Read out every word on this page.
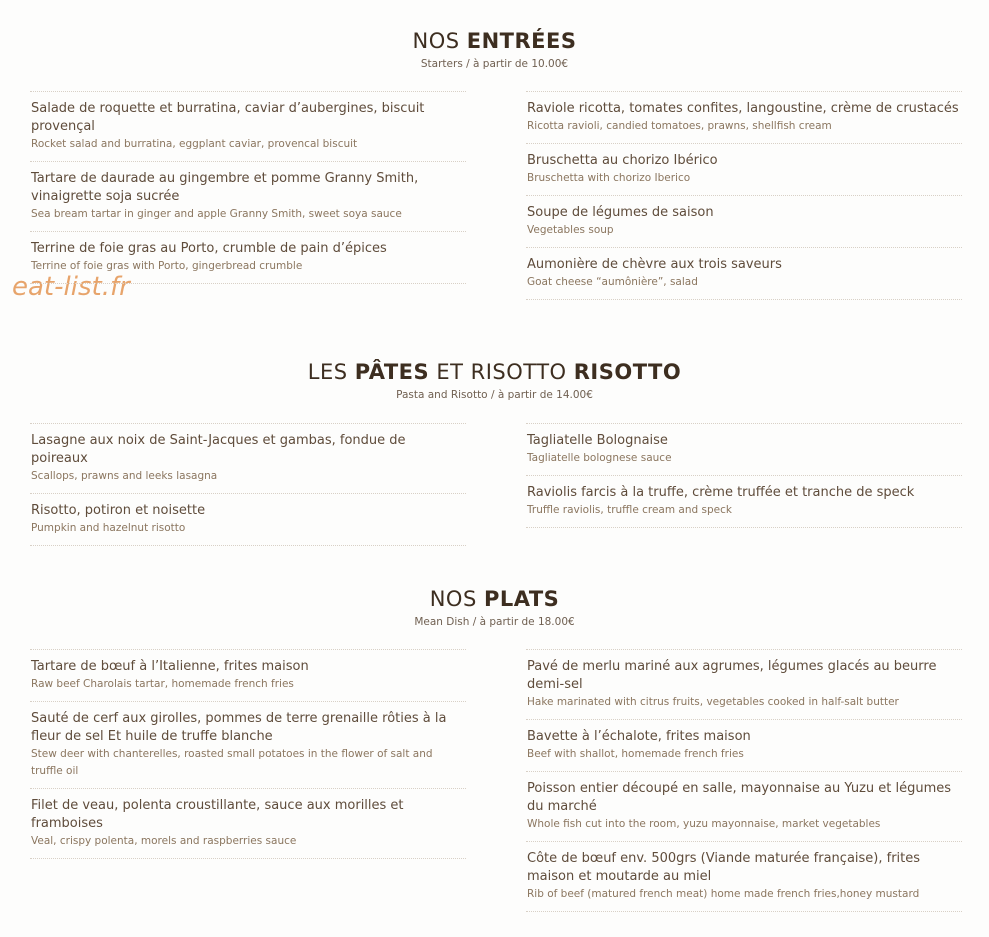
eat-list.fr
NOS ENTRÉES
Starters / à partir de 10.00€
Salade de roquette et burratina, caviar d’aubergines, biscuit provençal
Rocket salad and burratina, eggplant caviar, provencal biscuit
Tartare de daurade au gingembre et pomme Granny Smith, vinaigrette soja sucrée
Sea bream tartar in ginger and apple Granny Smith, sweet soya sauce
Terrine de foie gras au Porto, crumble de pain d’épices
Terrine of foie gras with Porto, gingerbread crumble
Raviole ricotta, tomates confites, langoustine, crème de crustacés
Ricotta ravioli, candied tomatoes, prawns, shellfish cream
Bruschetta au chorizo Ibérico
Bruschetta with chorizo Iberico
Soupe de légumes de saison
Vegetables soup
Aumonière de chèvre aux trois saveurs
Goat cheese “aumônière”, salad
LES PÂTES ET RISOTTO RISOTTO
Pasta and Risotto / à partir de 14.00€
Lasagne aux noix de Saint-Jacques et gambas, fondue de poireaux
Scallops, prawns and leeks lasagna
Risotto, potiron et noisette
Pumpkin and hazelnut risotto
Tagliatelle Bolognaise
Tagliatelle bolognese sauce
Raviolis farcis à la truffe, crème truffée et tranche de speck
Truffle raviolis, truffle cream and speck
NOS PLATS
Mean Dish / à partir de 18.00€
Tartare de bœuf à l’Italienne, frites maison
Raw beef Charolais tartar, homemade french fries
Sauté de cerf aux girolles, pommes de terre grenaille rôties à la fleur de sel Et huile de truffe blanche
Stew deer with chanterelles, roasted small potatoes in the flower of salt and truffle oil
Filet de veau, polenta croustillante, sauce aux morilles et framboises
Veal, crispy polenta, morels and raspberries sauce
Pavé de merlu mariné aux agrumes, légumes glacés au beurre demi-sel
Hake marinated with citrus fruits, vegetables cooked in half-salt butter
Bavette à l’échalote, frites maison
Beef with shallot, homemade french fries
Poisson entier découpé en salle, mayonnaise au Yuzu et légumes du marché
Whole fish cut into the room, yuzu mayonnaise, market vegetables
Côte de bœuf env. 500grs (Viande maturée française), frites maison et moutarde au miel
Rib of beef (matured french meat) home made french fries,honey mustard
